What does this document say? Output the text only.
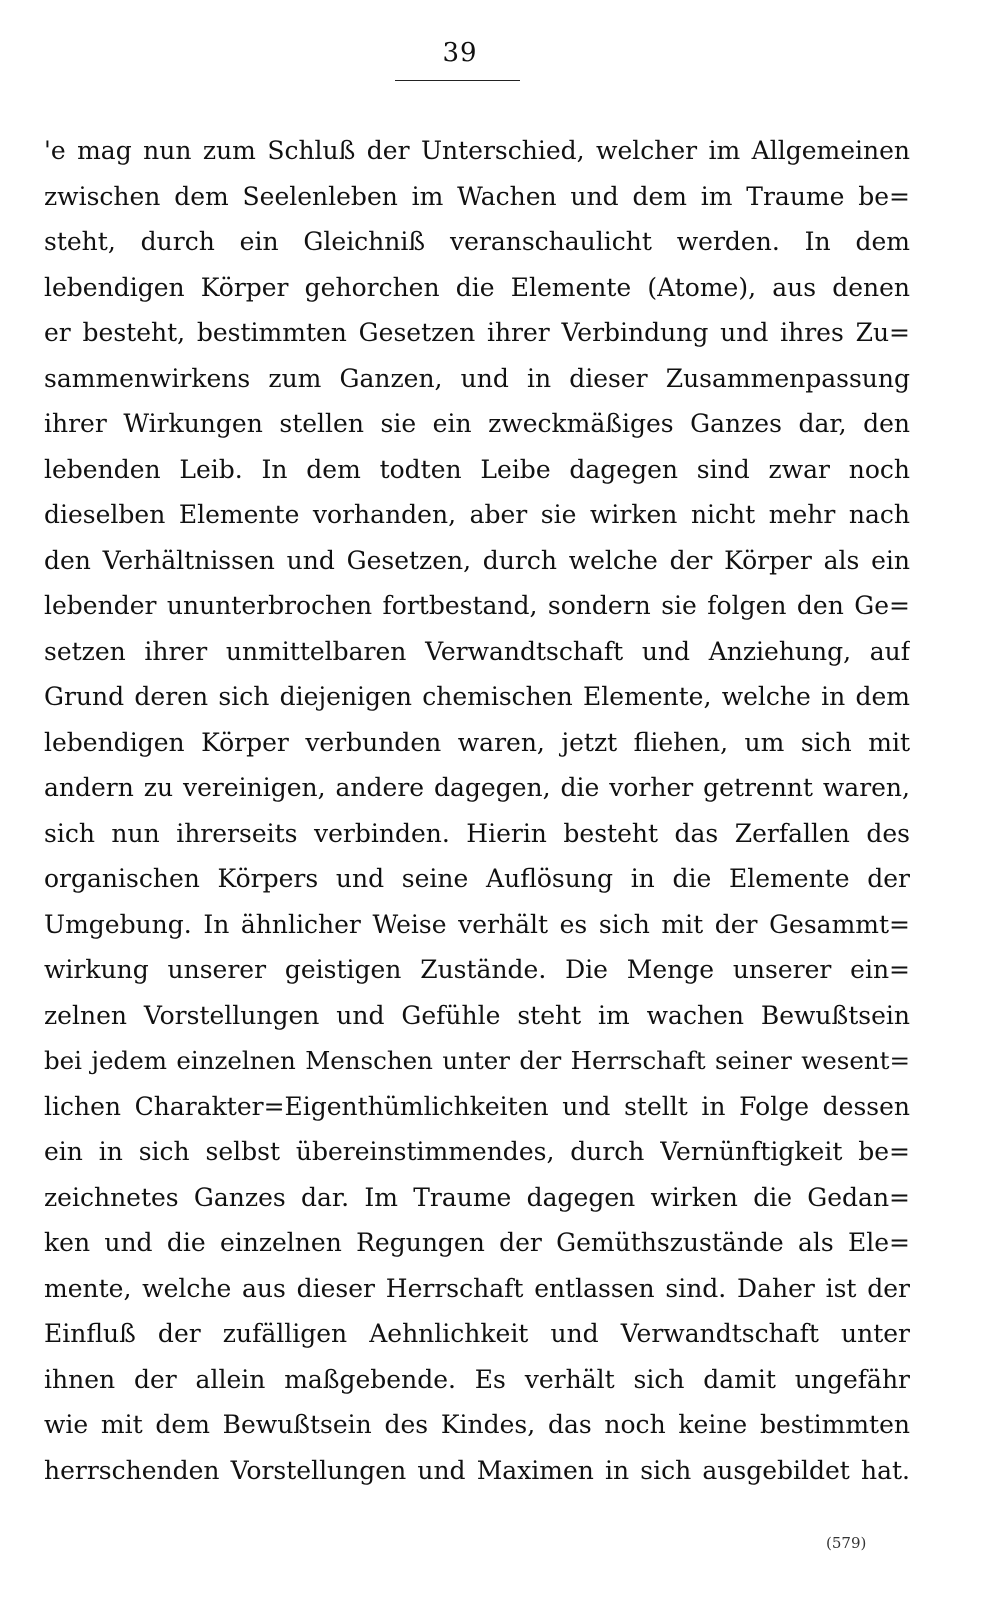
39
'e mag nun zum Schluß der Unterschied, welcher im Allgemeinen
zwischen dem Seelenleben im Wachen und dem im Traume be=
steht, durch ein Gleichniß veranschaulicht werden. In dem
lebendigen Körper gehorchen die Elemente (Atome), aus denen
er besteht, bestimmten Gesetzen ihrer Verbindung und ihres Zu=
sammenwirkens zum Ganzen, und in dieser Zusammenpassung
ihrer Wirkungen stellen sie ein zweckmäßiges Ganzes dar, den
lebenden Leib. In dem todten Leibe dagegen sind zwar noch
dieselben Elemente vorhanden, aber sie wirken nicht mehr nach
den Verhältnissen und Gesetzen, durch welche der Körper als ein
lebender ununterbrochen fortbestand, sondern sie folgen den Ge=
setzen ihrer unmittelbaren Verwandtschaft und Anziehung, auf
Grund deren sich diejenigen chemischen Elemente, welche in dem
lebendigen Körper verbunden waren, jetzt fliehen, um sich mit
andern zu vereinigen, andere dagegen, die vorher getrennt waren,
sich nun ihrerseits verbinden. Hierin besteht das Zerfallen des
organischen Körpers und seine Auflösung in die Elemente der
Umgebung. In ähnlicher Weise verhält es sich mit der Gesammt=
wirkung unserer geistigen Zustände. Die Menge unserer ein=
zelnen Vorstellungen und Gefühle steht im wachen Bewußtsein
bei jedem einzelnen Menschen unter der Herrschaft seiner wesent=
lichen Charakter=Eigenthümlichkeiten und stellt in Folge dessen
ein in sich selbst übereinstimmendes, durch Vernünftigkeit be=
zeichnetes Ganzes dar. Im Traume dagegen wirken die Gedan=
ken und die einzelnen Regungen der Gemüthszustände als Ele=
mente, welche aus dieser Herrschaft entlassen sind. Daher ist der
Einfluß der zufälligen Aehnlichkeit und Verwandtschaft unter
ihnen der allein maßgebende. Es verhält sich damit ungefähr
wie mit dem Bewußtsein des Kindes, das noch keine bestimmten
herrschenden Vorstellungen und Maximen in sich ausgebildet hat.
(579)
